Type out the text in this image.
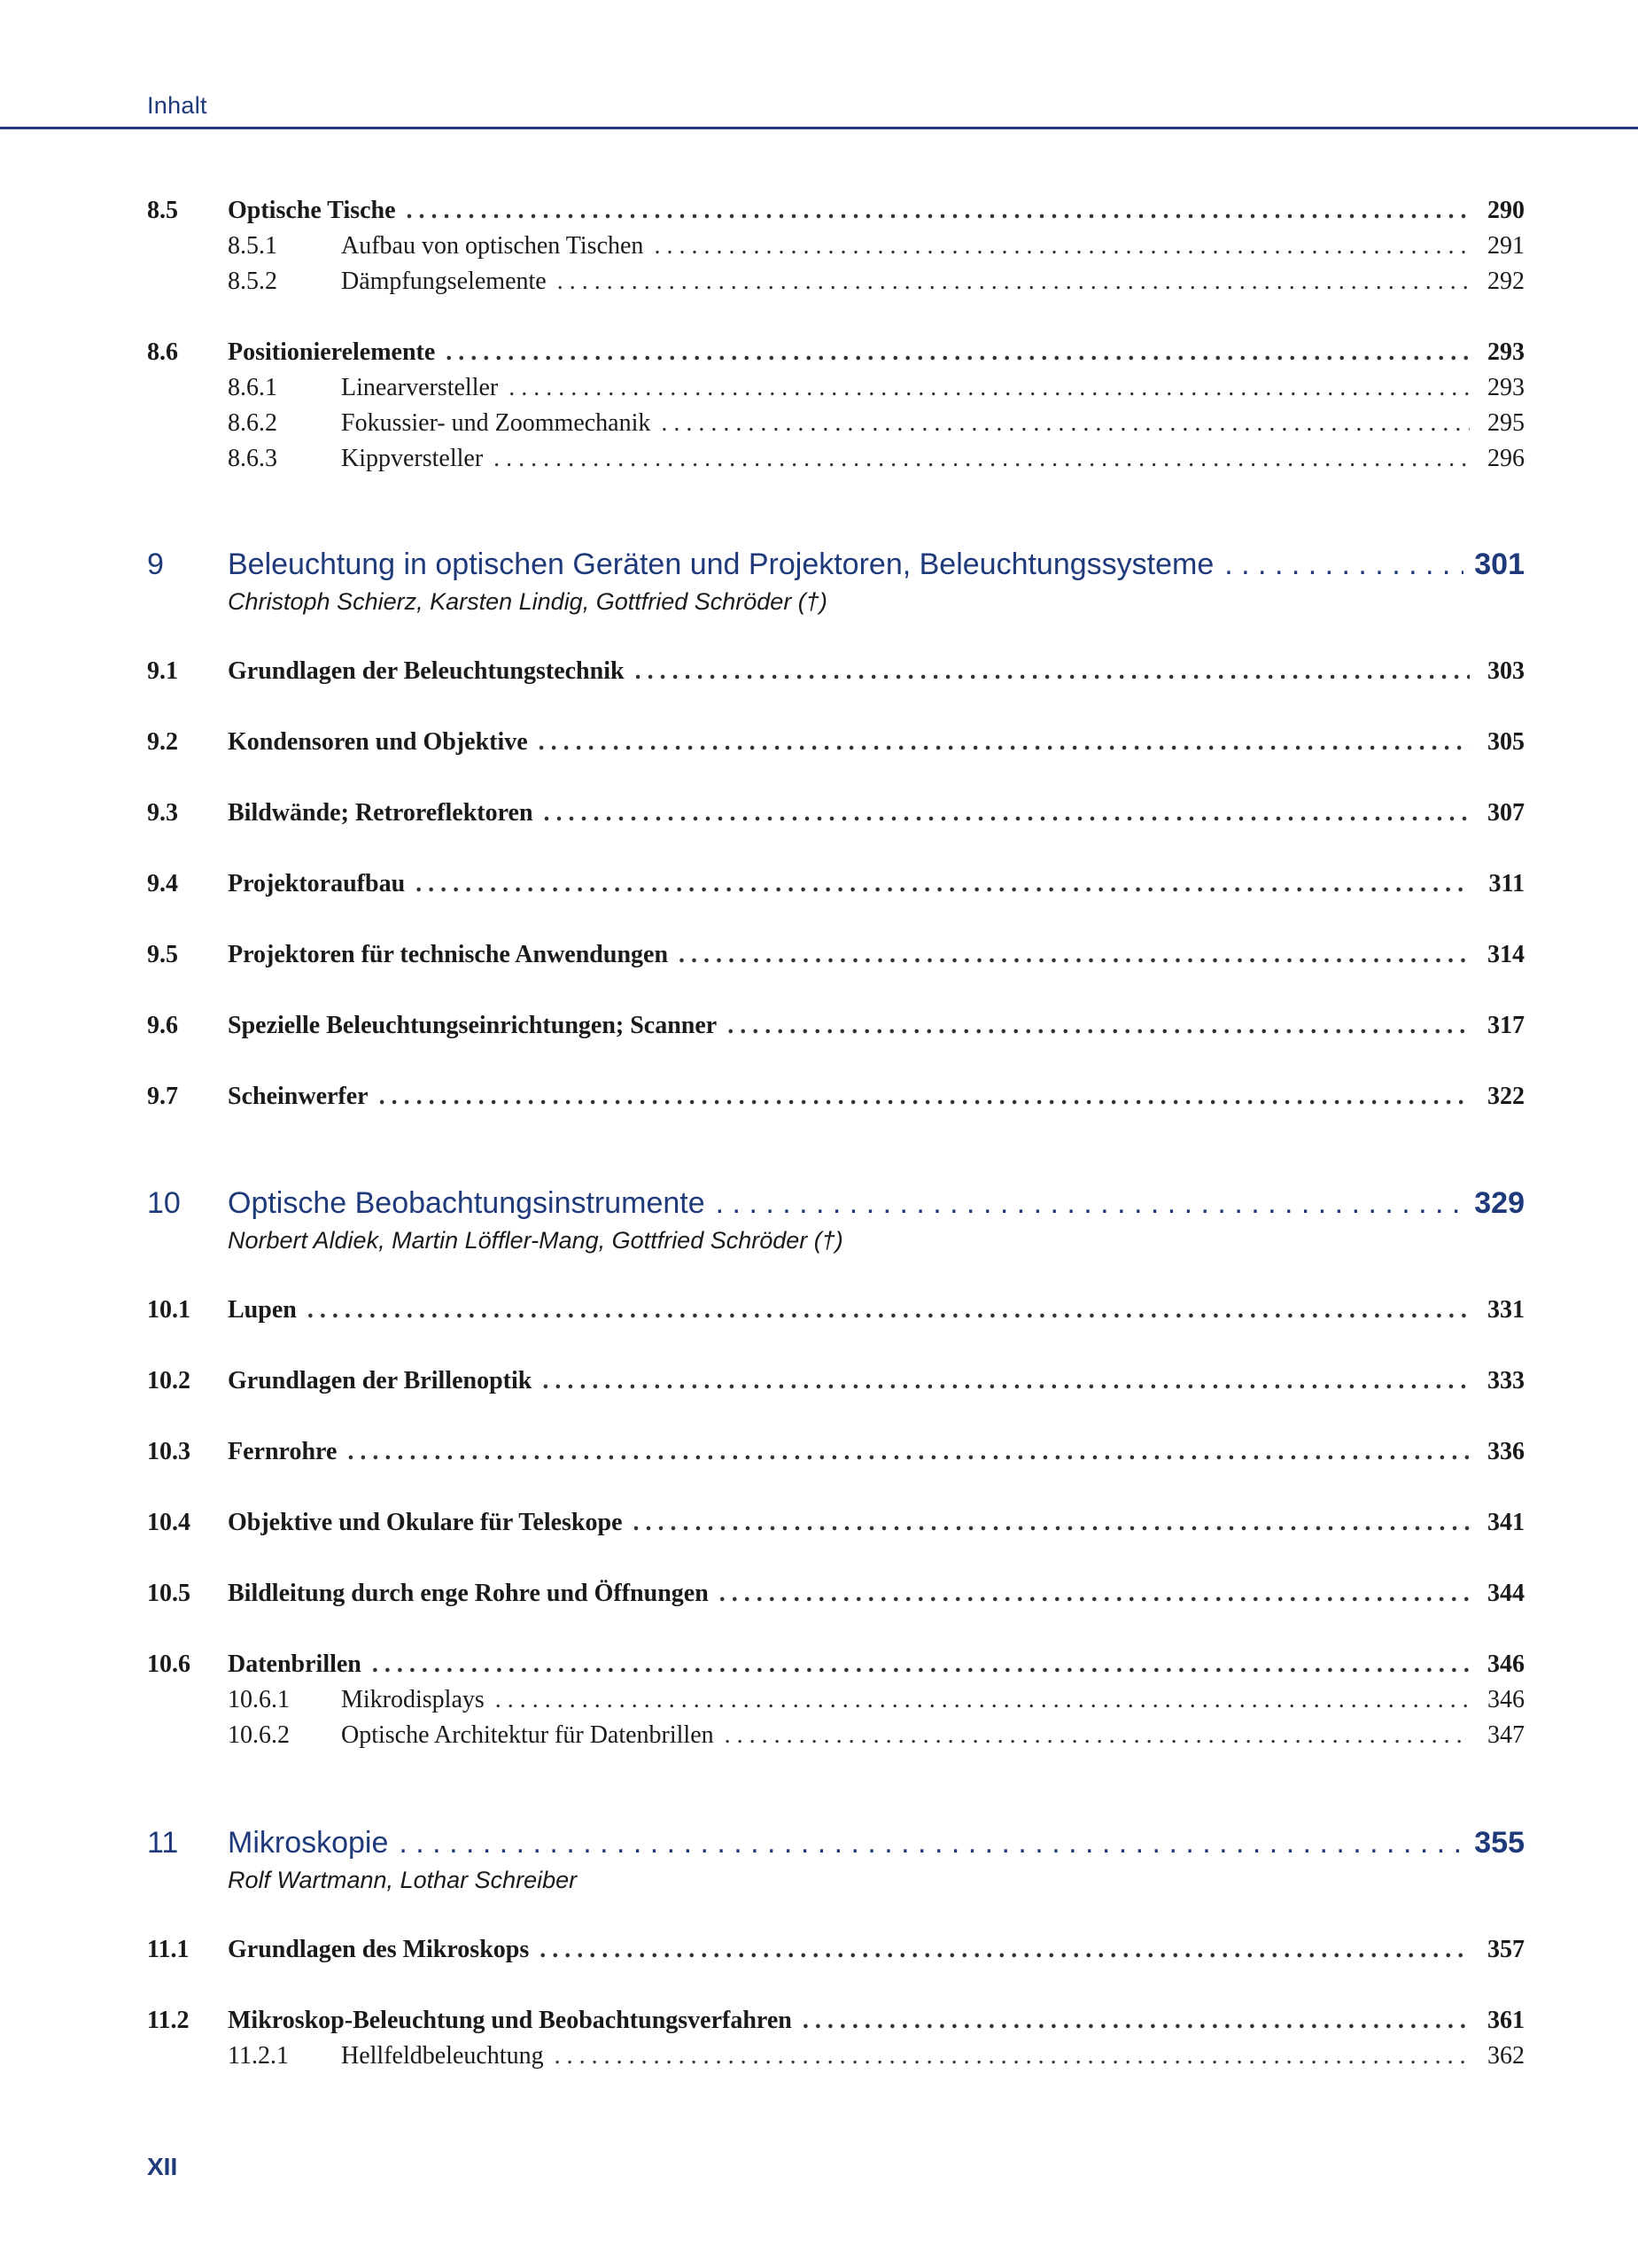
Inhalt
8.5	Optische Tische . . .	290
8.5.1	Aufbau von optischen Tischen . . .	291
8.5.2	Dämpfungselemente . . .	292
8.6	Positionierelemente . . .	293
8.6.1	Linearversteller . . .	293
8.6.2	Fokussier- und Zoommechanik . . .	295
8.6.3	Kippversteller . . .	296
9	Beleuchtung in optischen Geräten und Projektoren, Beleuchtungssysteme . . .	301
Christoph Schierz, Karsten Lindig, Gottfried Schröder (†)
9.1	Grundlagen der Beleuchtungstechnik . . .	303
9.2	Kondensoren und Objektive . . .	305
9.3	Bildwände; Retroreflektoren . . .	307
9.4	Projektoraufbau . . .	311
9.5	Projektoren für technische Anwendungen . . .	314
9.6	Spezielle Beleuchtungseinrichtungen; Scanner . . .	317
9.7	Scheinwerfer . . .	322
10	Optische Beobachtungsinstrumente . . .	329
Norbert Aldiek, Martin Löffler-Mang, Gottfried Schröder (†)
10.1	Lupen . . .	331
10.2	Grundlagen der Brillenoptik . . .	333
10.3	Fernrohre . . .	336
10.4	Objektive und Okulare für Teleskope . . .	341
10.5	Bildleitung durch enge Rohre und Öffnungen . . .	344
10.6	Datenbrillen . . .	346
10.6.1	Mikrodisplays . . .	346
10.6.2	Optische Architektur für Datenbrillen . . .	347
11	Mikroskopie . . .	355
Rolf Wartmann, Lothar Schreiber
11.1	Grundlagen des Mikroskops . . .	357
11.2	Mikroskop-Beleuchtung und Beobachtungsverfahren . . .	361
11.2.1	Hellfeldbeleuchtung . . .	362
XII
